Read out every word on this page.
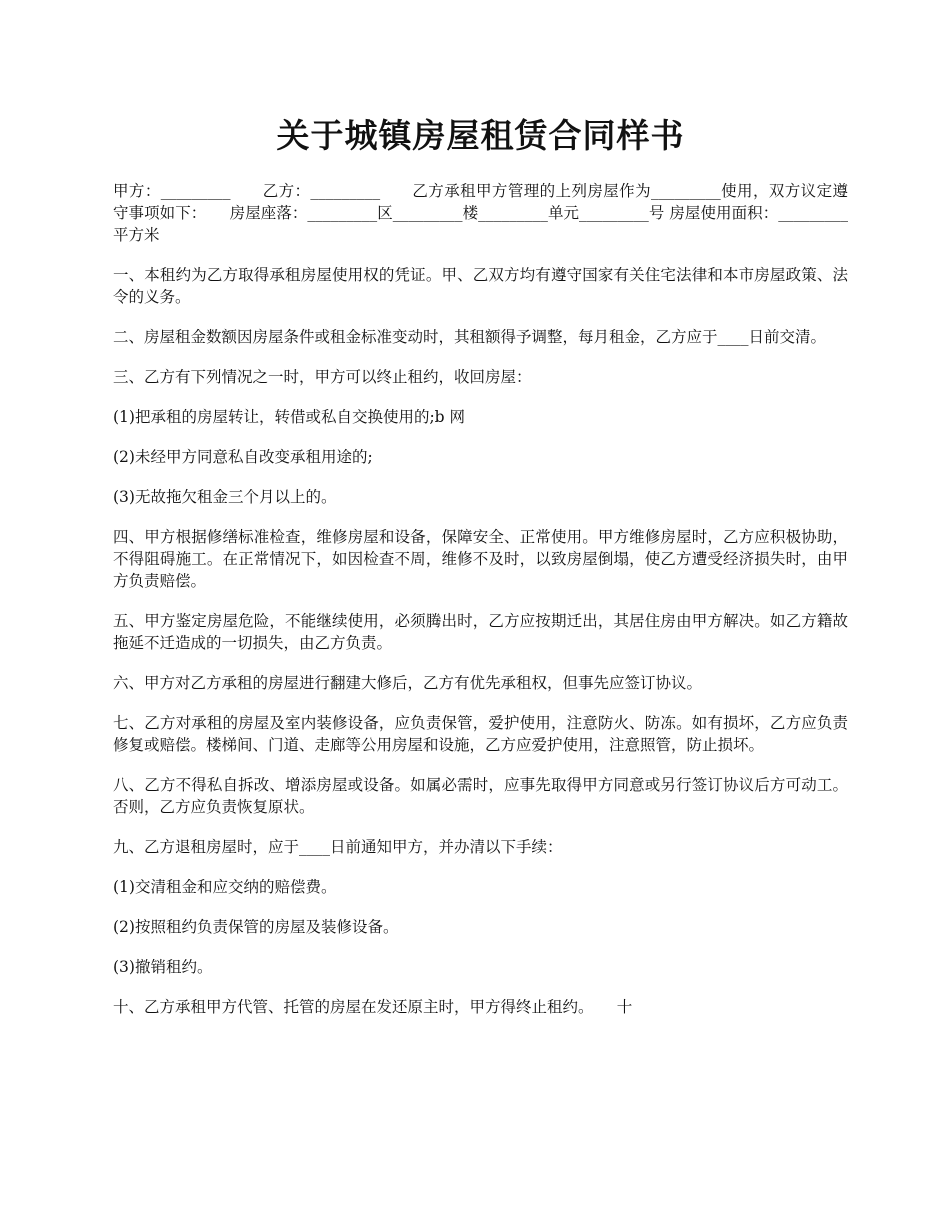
关于城镇房屋租赁合同样书

甲方：_________　　乙方：_________　　乙方承租甲方管理的上列房屋作为_________使用，双方议定遵守事项如下：　　房屋座落：_________区_________楼_________单元_________号 房屋使用面积：_________平方米

一、本租约为乙方取得承租房屋使用权的凭证。甲、乙双方均有遵守国家有关住宅法律和本市房屋政策、法令的义务。

二、房屋租金数额因房屋条件或租金标准变动时，其租额得予调整，每月租金，乙方应于____日前交清。

三、乙方有下列情况之一时，甲方可以终止租约，收回房屋：

(1)把承租的房屋转让，转借或私自交换使用的;b 网

(2)未经甲方同意私自改变承租用途的;

(3)无故拖欠租金三个月以上的。

四、甲方根据修缮标准检查，维修房屋和设备，保障安全、正常使用。甲方维修房屋时，乙方应积极协助，不得阻碍施工。在正常情况下，如因检查不周，维修不及时，以致房屋倒塌，使乙方遭受经济损失时，由甲方负责赔偿。

五、甲方鉴定房屋危险，不能继续使用，必须腾出时，乙方应按期迁出，其居住房由甲方解决。如乙方籍故拖延不迁造成的一切损失，由乙方负责。

六、甲方对乙方承租的房屋进行翻建大修后，乙方有优先承租权，但事先应签订协议。

七、乙方对承租的房屋及室内装修设备，应负责保管，爱护使用，注意防火、防冻。如有损坏，乙方应负责修复或赔偿。楼梯间、门道、走廊等公用房屋和设施，乙方应爱护使用，注意照管，防止损坏。

八、乙方不得私自拆改、增添房屋或设备。如属必需时，应事先取得甲方同意或另行签订协议后方可动工。否则，乙方应负责恢复原状。

九、乙方退租房屋时，应于____日前通知甲方，并办清以下手续：

(1)交清租金和应交纳的赔偿费。

(2)按照租约负责保管的房屋及装修设备。

(3)撤销租约。

十、乙方承租甲方代管、托管的房屋在发还原主时，甲方得终止租约。　　十
